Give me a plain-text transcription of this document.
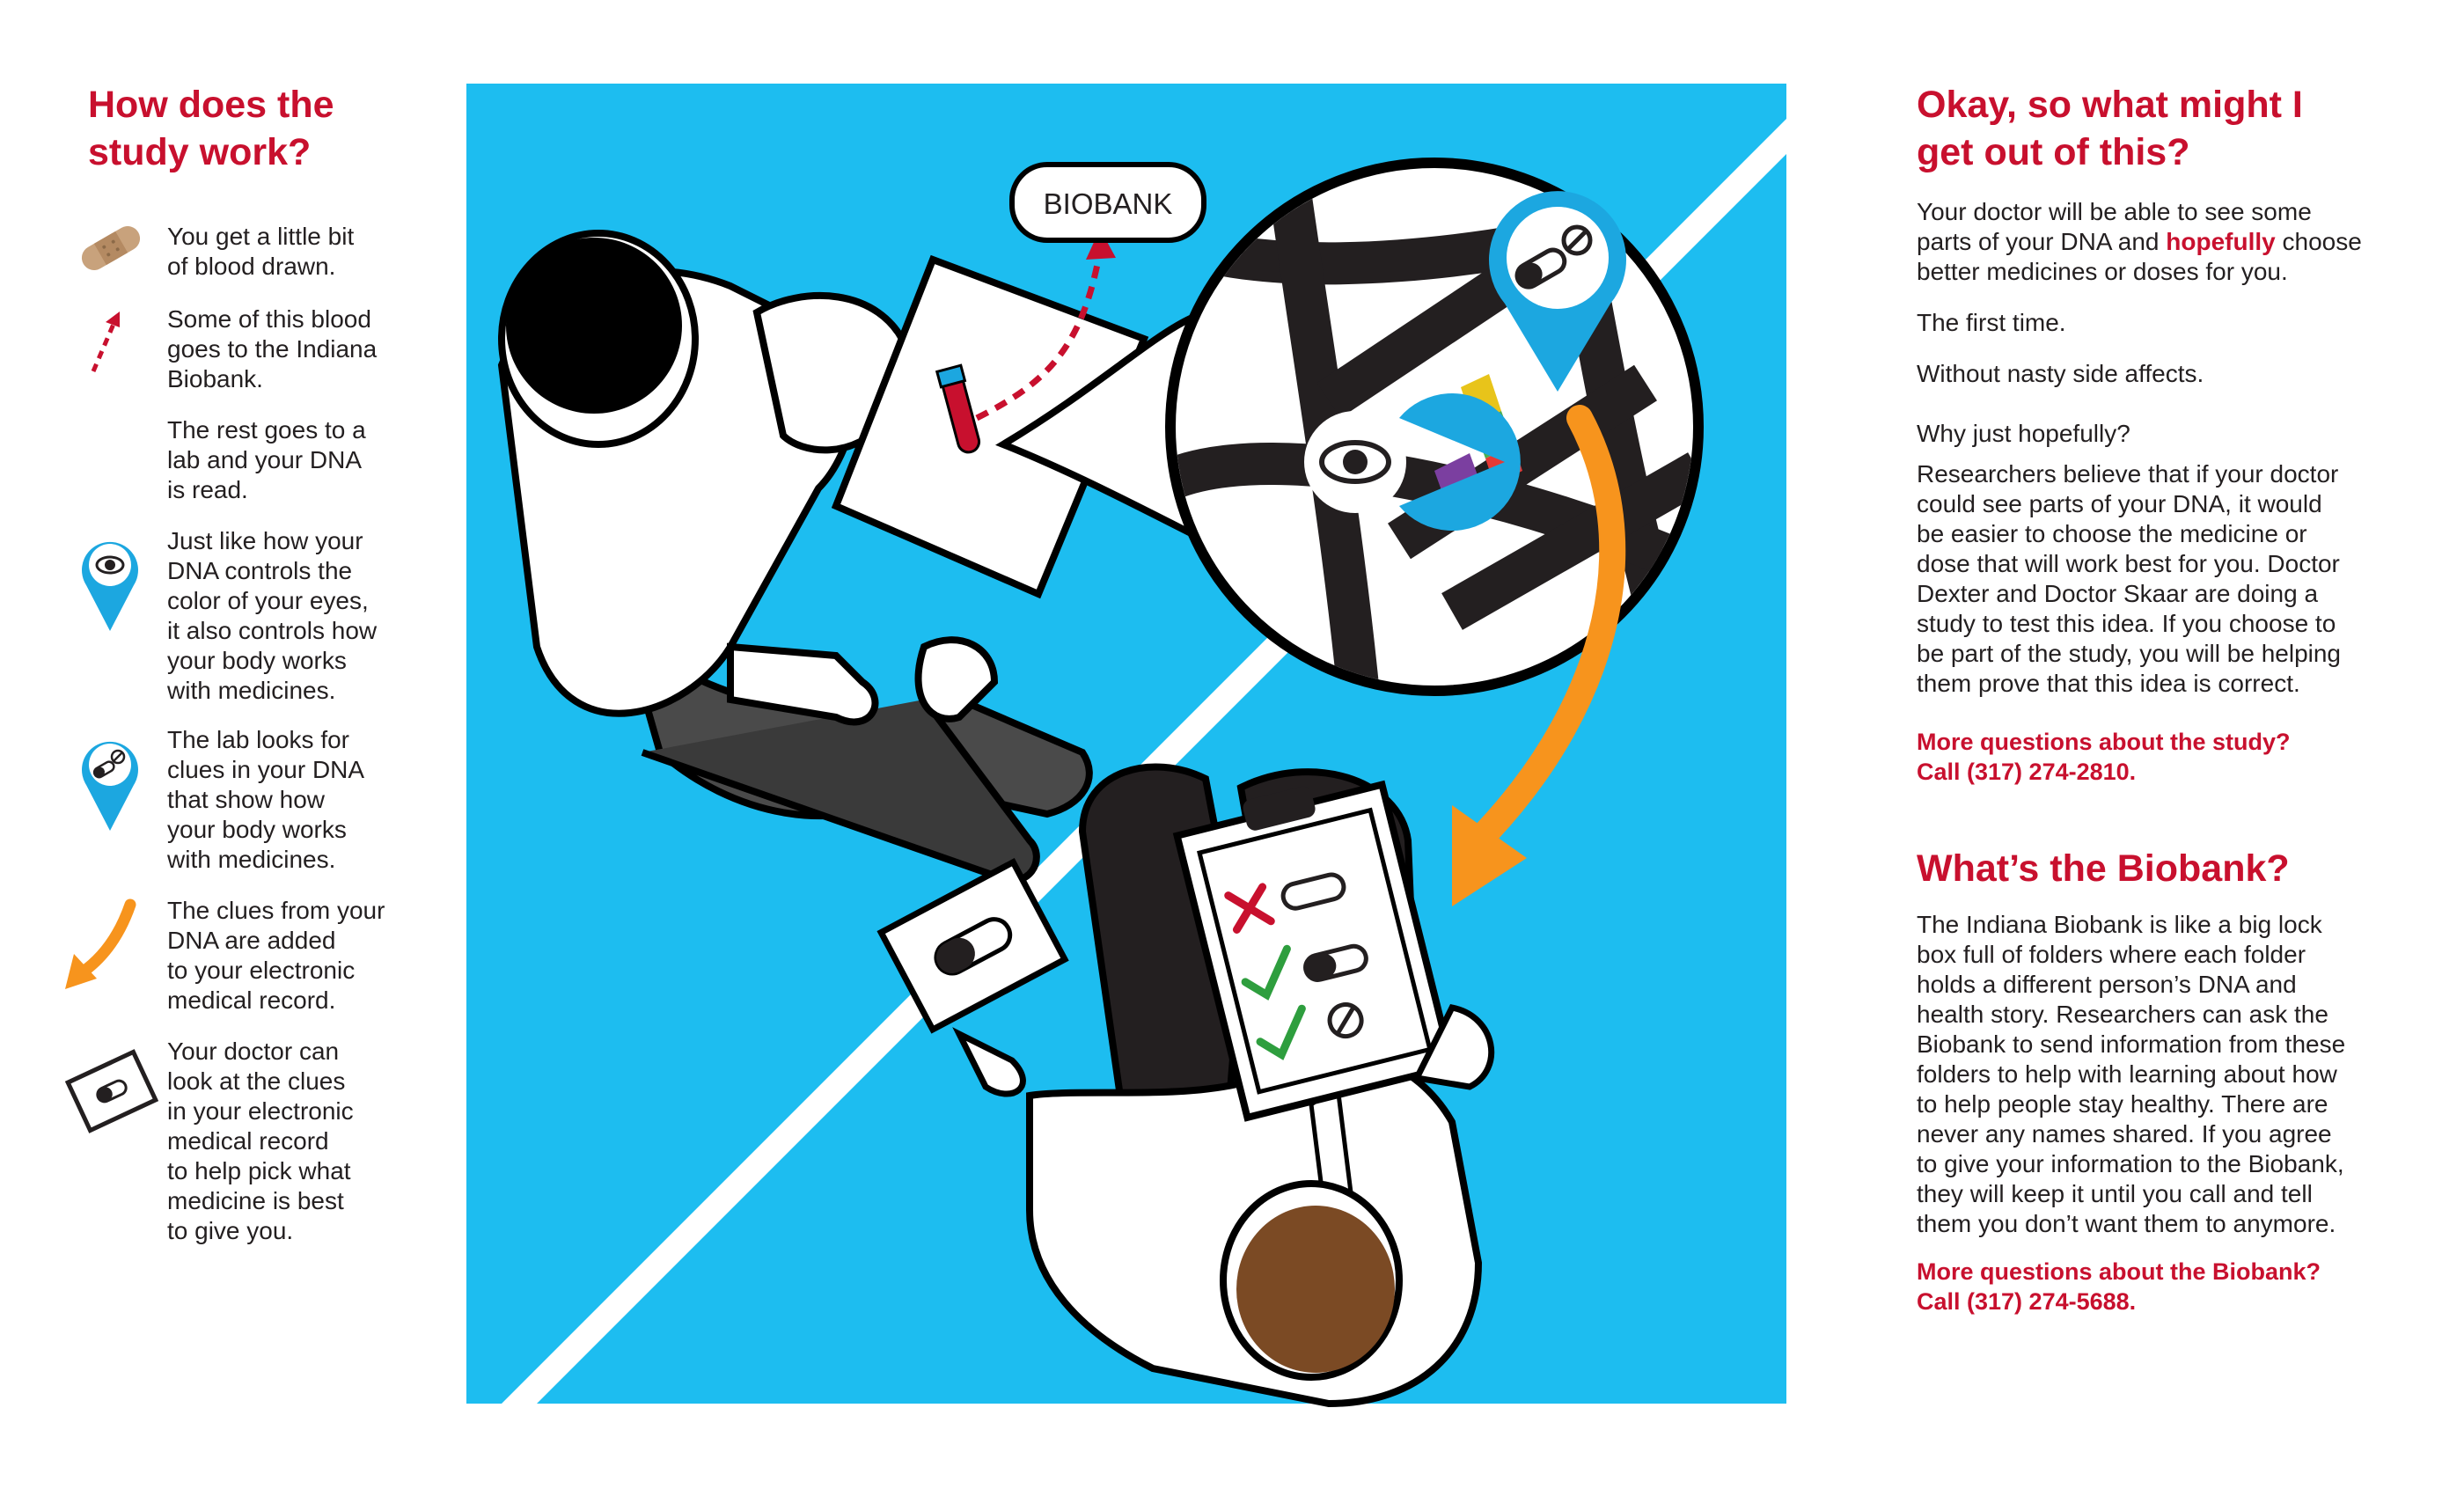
How does the
study work?
You get a little bit
of blood drawn.
Some of this blood
goes to the Indiana
Biobank.
The rest goes to a
lab and your DNA
is read.
Just like how your
DNA controls the
color of your eyes,
it also controls how
your body works
with medicines.
The lab looks for
clues in your DNA
that show how
your body works
with medicines.
The clues from your
DNA are added
to your electronic
medical record.
Your doctor can
look at the clues
in your electronic
medical record
to help pick what
medicine is best
to give you.
BIOBANK
Okay, so what might I
get out of this?

Your doctor will be able to see some

parts of your DNA and hopefully choose

better medicines or doses for you.

The first time.

Without nasty side affects.

Why just hopefully?

Researchers believe that if your doctor
could see parts of your DNA, it would
be easier to choose the medicine or
dose that will work best for you. Doctor
Dexter and Doctor Skaar are doing a
study to test this idea. If you choose to
be part of the study, you will be helping
them prove that this idea is correct.
More questions about the study?
Call (317) 274-2810.
What’s the Biobank?
The Indiana Biobank is like a big lock
box full of folders where each folder
holds a different person’s DNA and
health story. Researchers can ask the
Biobank to send information from these
folders to help with learning about how
to help people stay healthy. There are
never any names shared. If you agree
to give your information to the Biobank,
they will keep it until you call and tell
them you don’t want them to anymore.
More questions about the Biobank?
Call (317) 274-5688.
